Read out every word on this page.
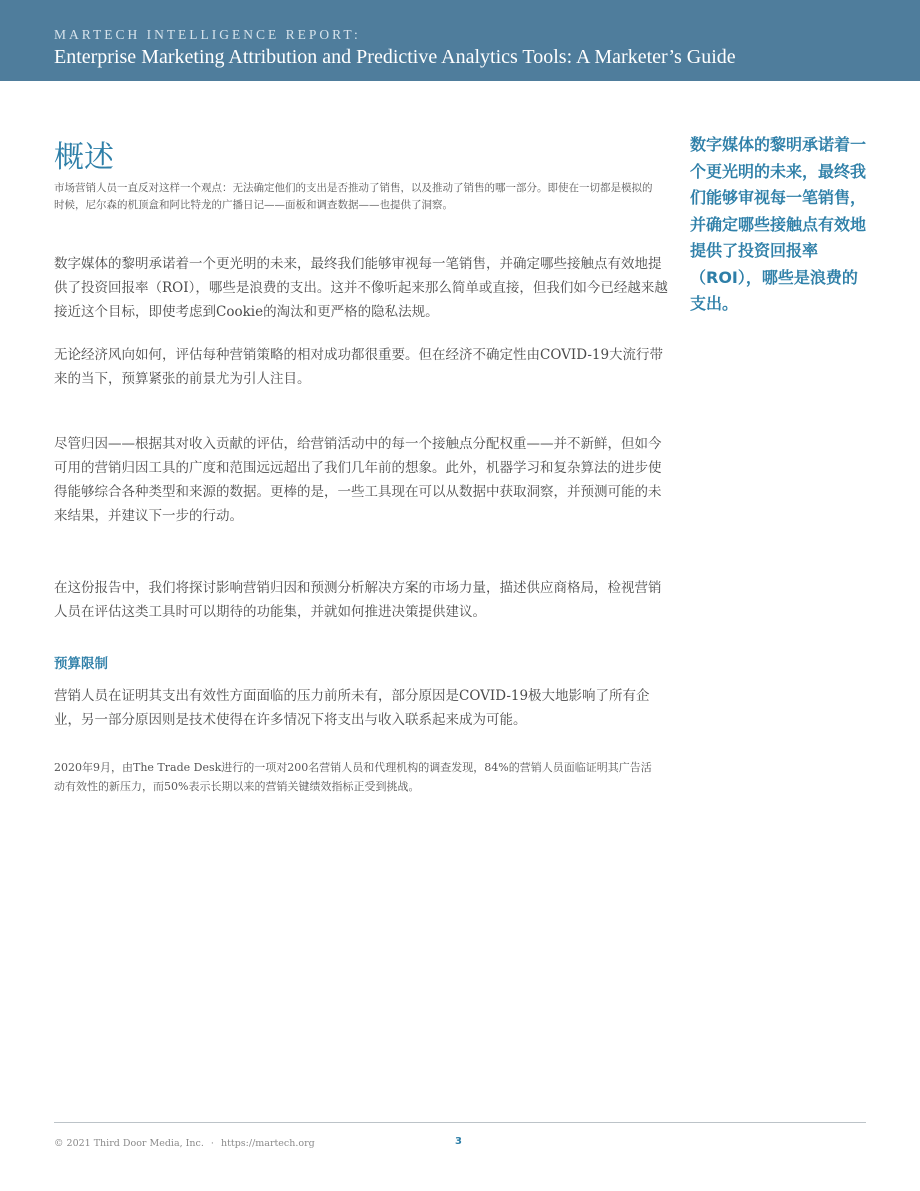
MARTECH INTELLIGENCE REPORT:
Enterprise Marketing Attribution and Predictive Analytics Tools: A Marketer’s Guide
概述

市场营销人员一直反对这样一个观点：无法确定他们的支出是否推动了销售，以及推动了销售的哪一部分。即使在一切都是模拟的时候，尼尔森的机顶盒和阿比特龙的广播日记——面板和调查数据——也提供了洞察。

数字媒体的黎明承诺着一个更光明的未来，最终我们能够审视每一笔销售，并确定哪些接触点有效地提供了投资回报率（ROI），哪些是浪费的支出。这并不像听起来那么简单或直接，但我们如今已经越来越接近这个目标，即使考虑到Cookie的淘汰和更严格的隐私法规。

无论经济风向如何，评估每种营销策略的相对成功都很重要。但在经济不确定性由COVID-19大流行带来的当下，预算紧张的前景尤为引人注目。

尽管归因——根据其对收入贡献的评估，给营销活动中的每一个接触点分配权重——并不新鲜，但如今可用的营销归因工具的广度和范围远远超出了我们几年前的想象。此外，机器学习和复杂算法的进步使得能够综合各种类型和来源的数据。更棒的是，一些工具现在可以从数据中获取洞察，并预测可能的未来结果，并建议下一步的行动。

在这份报告中，我们将探讨影响营销归因和预测分析解决方案的市场力量，描述供应商格局，检视营销人员在评估这类工具时可以期待的功能集，并就如何推进决策提供建议。

预算限制

营销人员在证明其支出有效性方面面临的压力前所未有，部分原因是COVID-19极大地影响了所有企业，另一部分原因则是技术使得在许多情况下将支出与收入联系起来成为可能。

2020年9月，由The Trade Desk进行的一项对200名营销人员和代理机构的调查发现，84%的营销人员面临证明其广告活动有效性的新压力，而50%表示长期以来的营销关键绩效指标正受到挑战。

数字媒体的黎明承诺着一个更光明的未来，最终我们能够审视每一笔销售，并确定哪些接触点有效地提供了投资回报率（ROI），哪些是浪费的支出。

© 2021 Third Door Media, Inc. · https://martech.org	3
